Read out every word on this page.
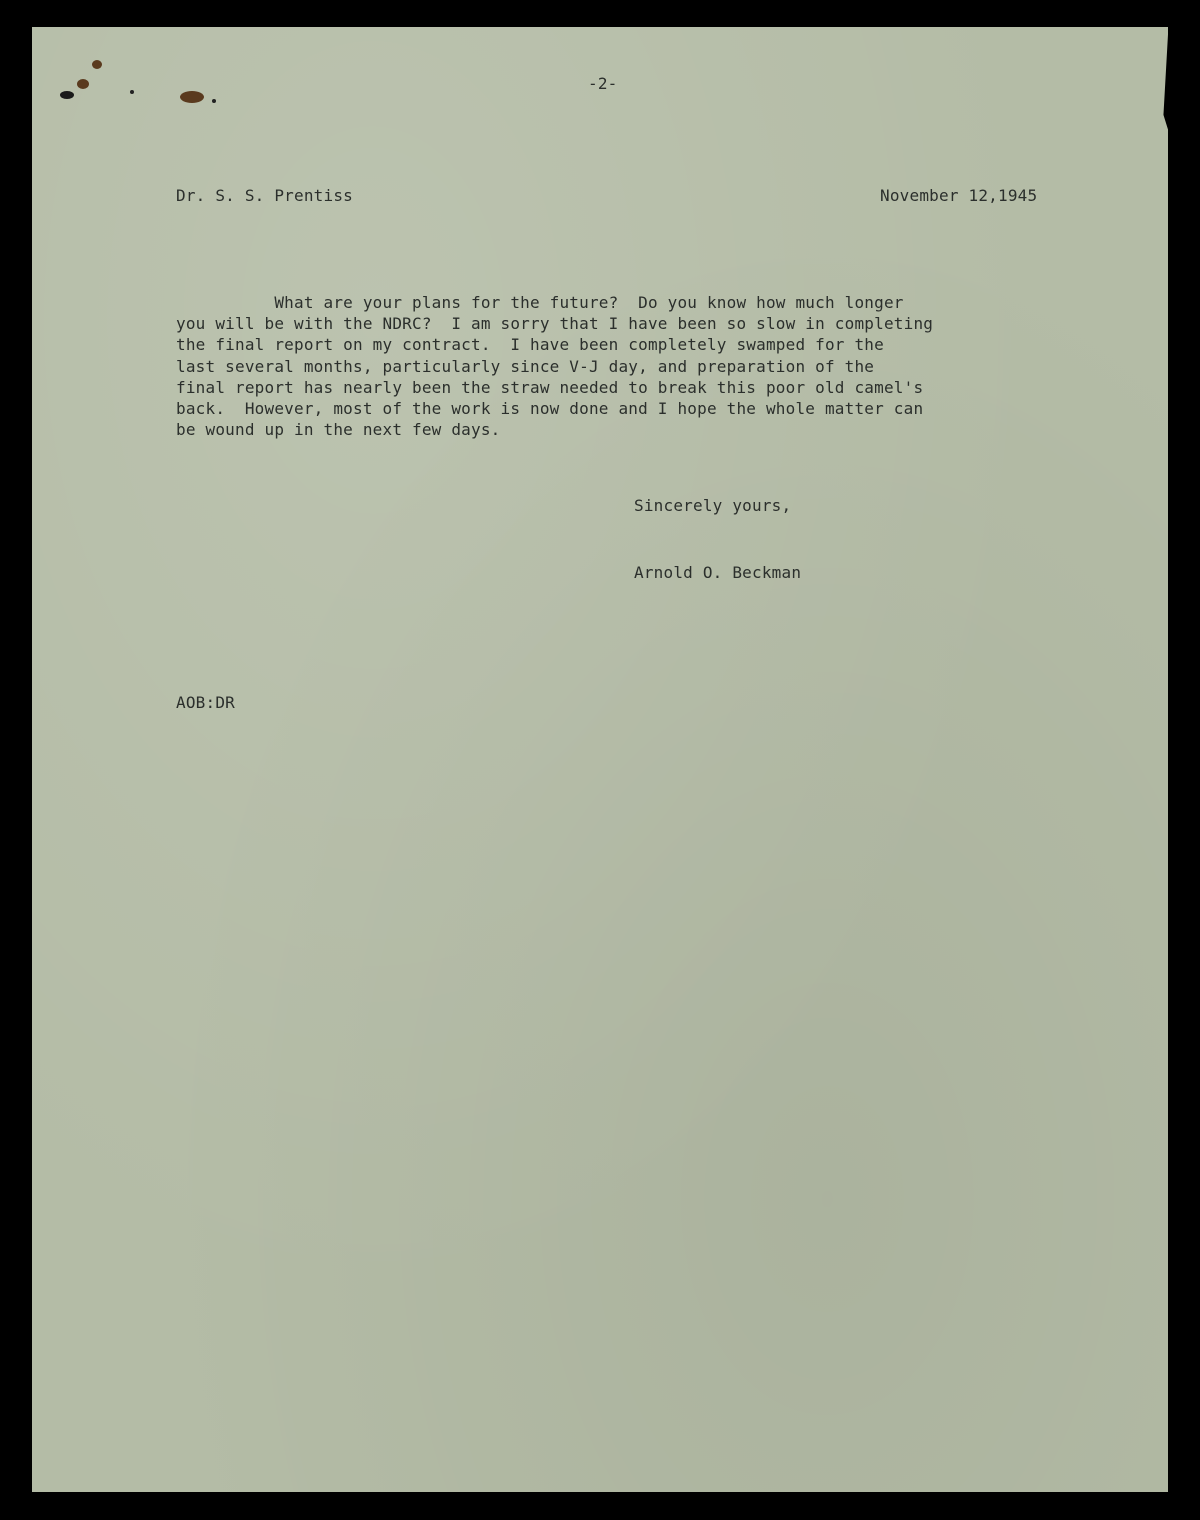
-2-
Dr. S. S. Prentiss	November 12,1945
What are your plans for the future?  Do you know how much longer
you will be with the NDRC?  I am sorry that I have been so slow in completing
the final report on my contract.  I have been completely swamped for the
last several months, particularly since V-J day, and preparation of the
final report has nearly been the straw needed to break this poor old camel's
back.  However, most of the work is now done and I hope the whole matter can
be wound up in the next few days.
Sincerely yours,
Arnold O. Beckman
AOB:DR
